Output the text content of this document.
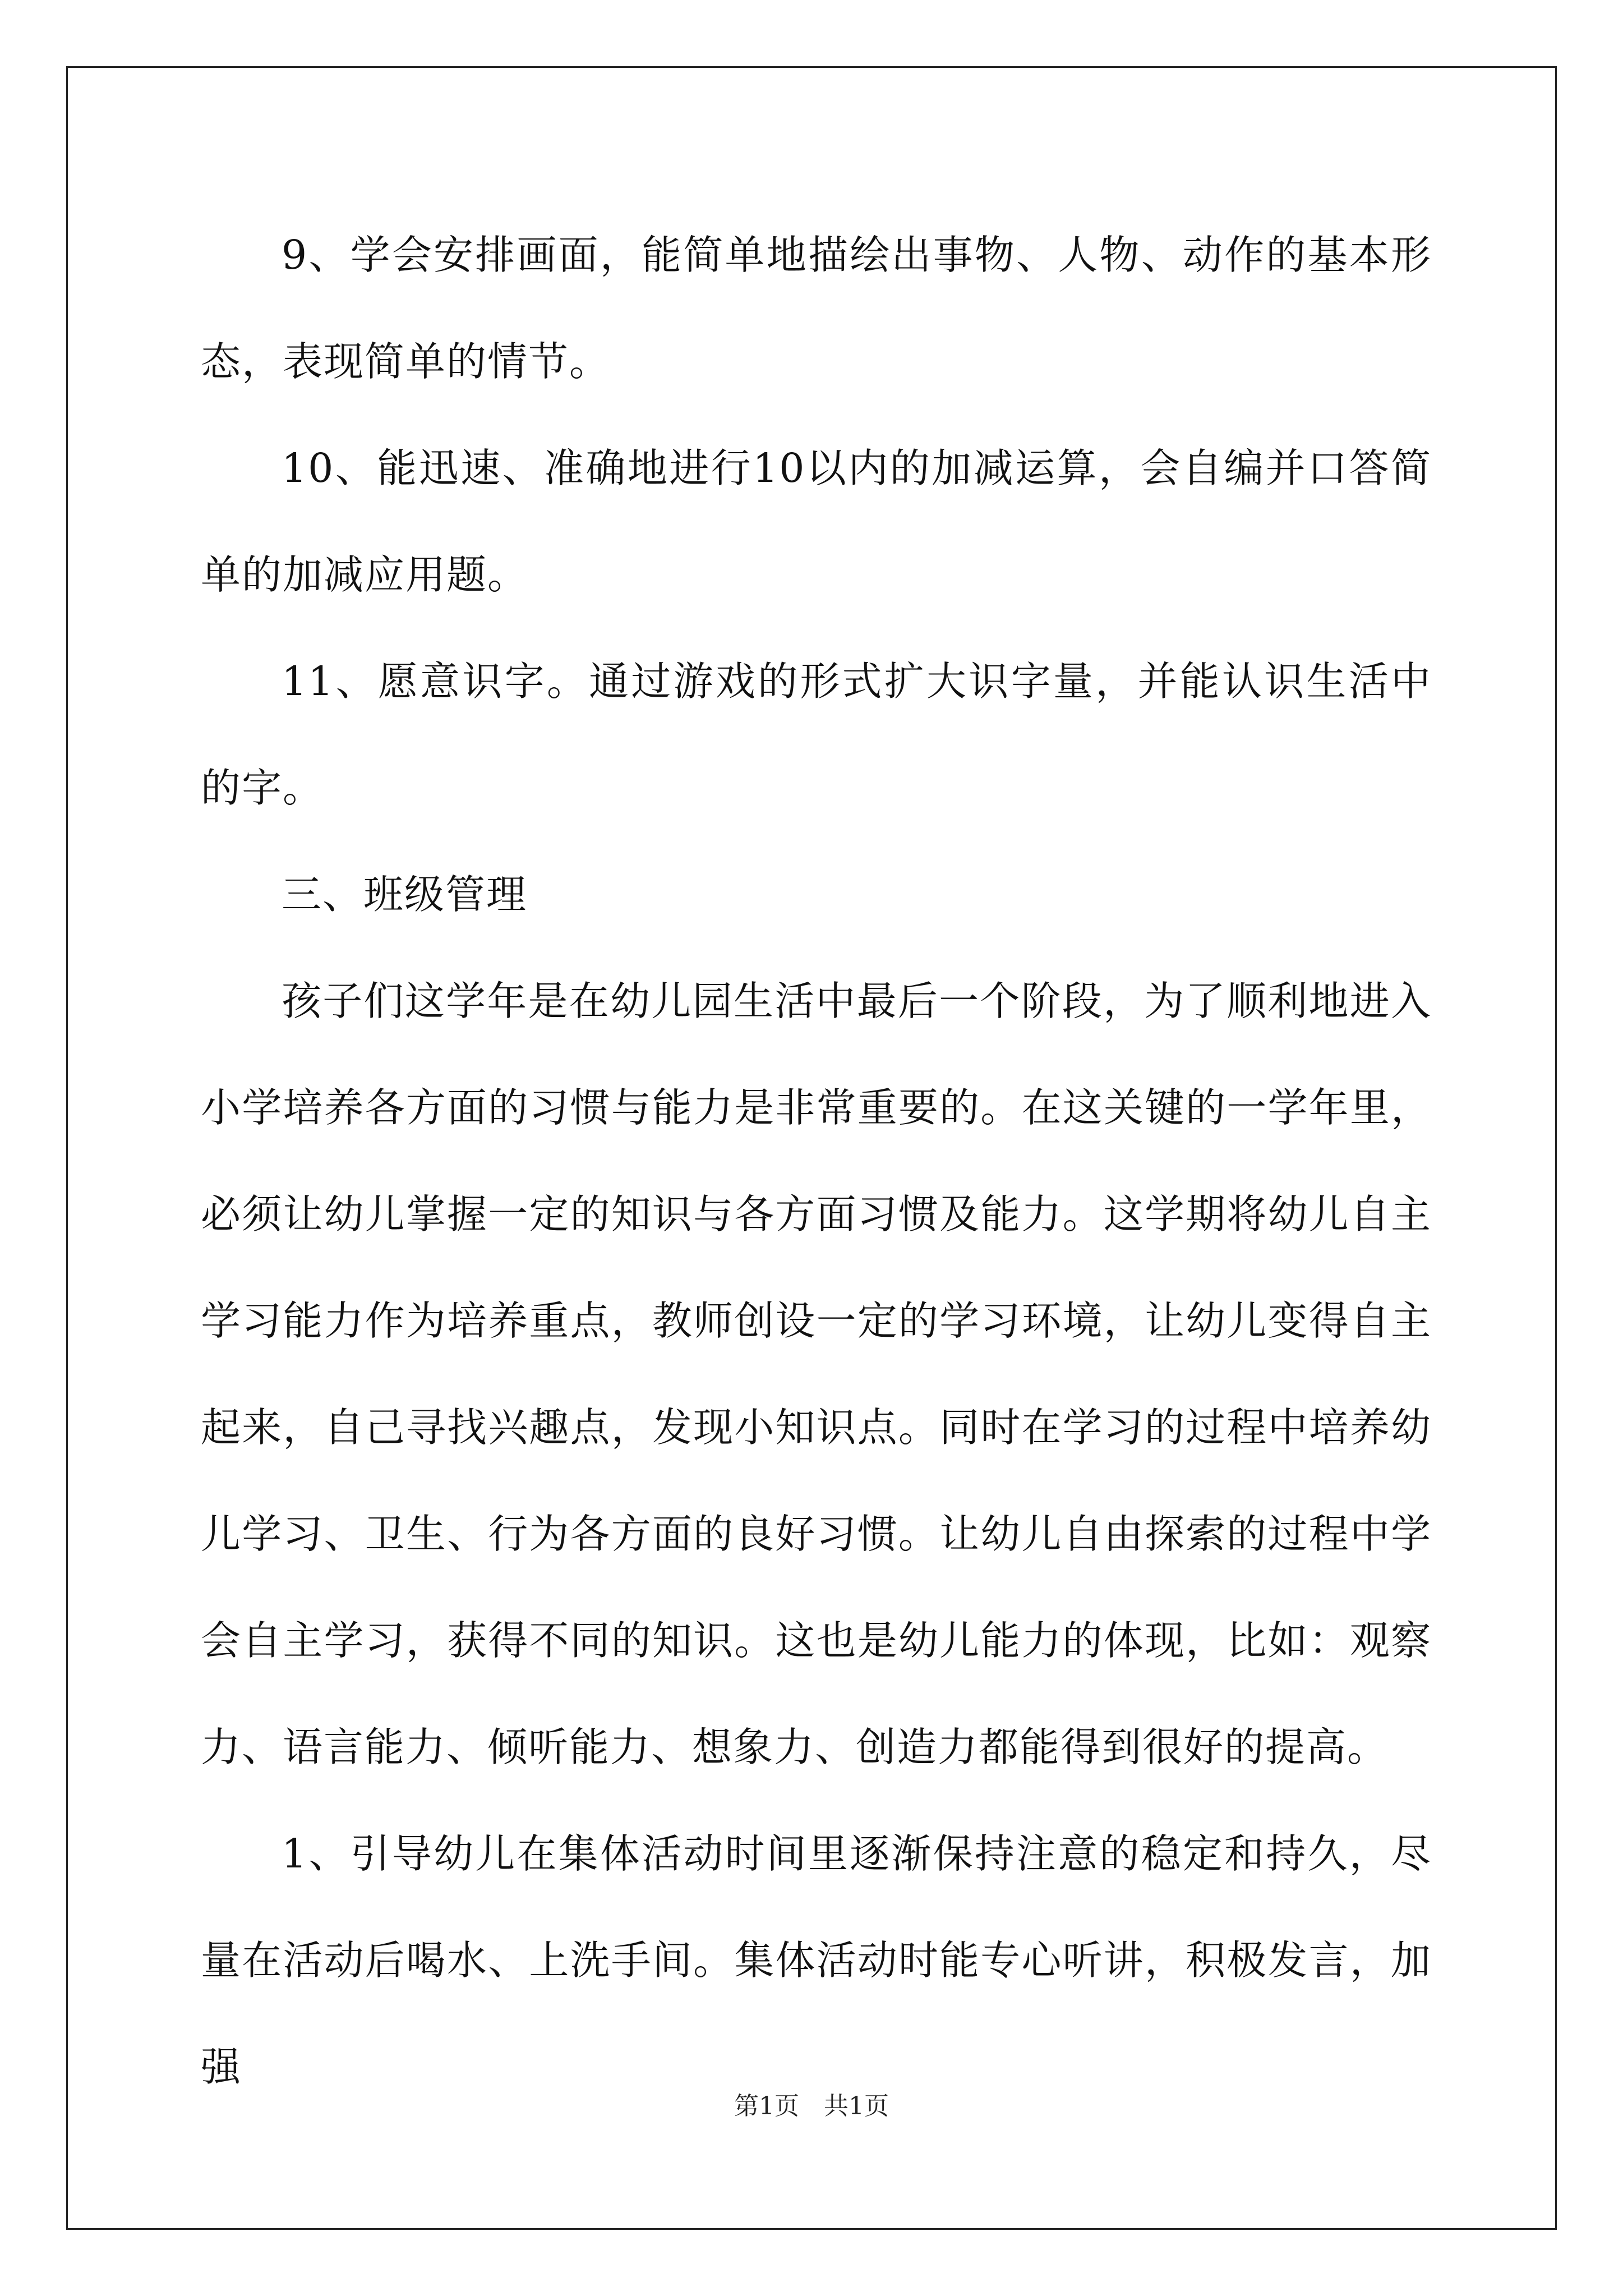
9、学会安排画面，能简单地描绘出事物、人物、动作的基本形态，表现简单的情节。

10、能迅速、准确地进行10以内的加减运算，会自编并口答简单的加减应用题。

11、愿意识字。通过游戏的形式扩大识字量，并能认识生活中的字。

三、班级管理

孩子们这学年是在幼儿园生活中最后一个阶段，为了顺利地进入小学培养各方面的习惯与能力是非常重要的。在这关键的一学年里，必须让幼儿掌握一定的知识与各方面习惯及能力。这学期将幼儿自主学习能力作为培养重点，教师创设一定的学习环境，让幼儿变得自主起来，自己寻找兴趣点，发现小知识点。同时在学习的过程中培养幼儿学习、卫生、行为各方面的良好习惯。让幼儿自由探索的过程中学会自主学习，获得不同的知识。这也是幼儿能力的体现，比如：观察力、语言能力、倾听能力、想象力、创造力都能得到很好的提高。

1、引导幼儿在集体活动时间里逐渐保持注意的稳定和持久，尽量在活动后喝水、上洗手间。集体活动时能专心听讲，积极发言，加强

第1页　共1页
